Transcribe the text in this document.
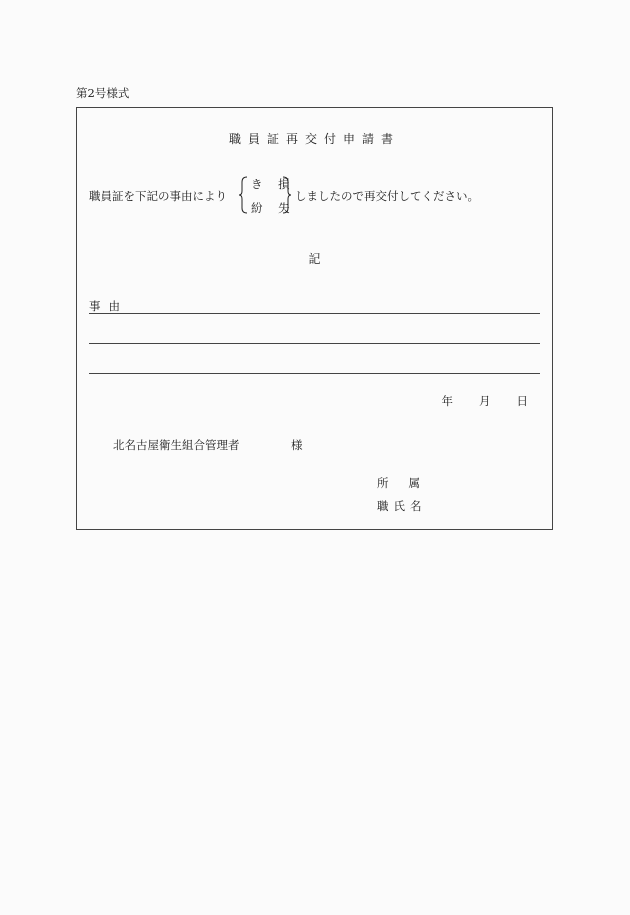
第2号様式
職員証再交付申請書
職員証を下記の事由により
き 損
紛 失
しましたので再交付してください。
記
事由
年 月 日
北名古屋衛生組合管理者	様
所属
職氏名
